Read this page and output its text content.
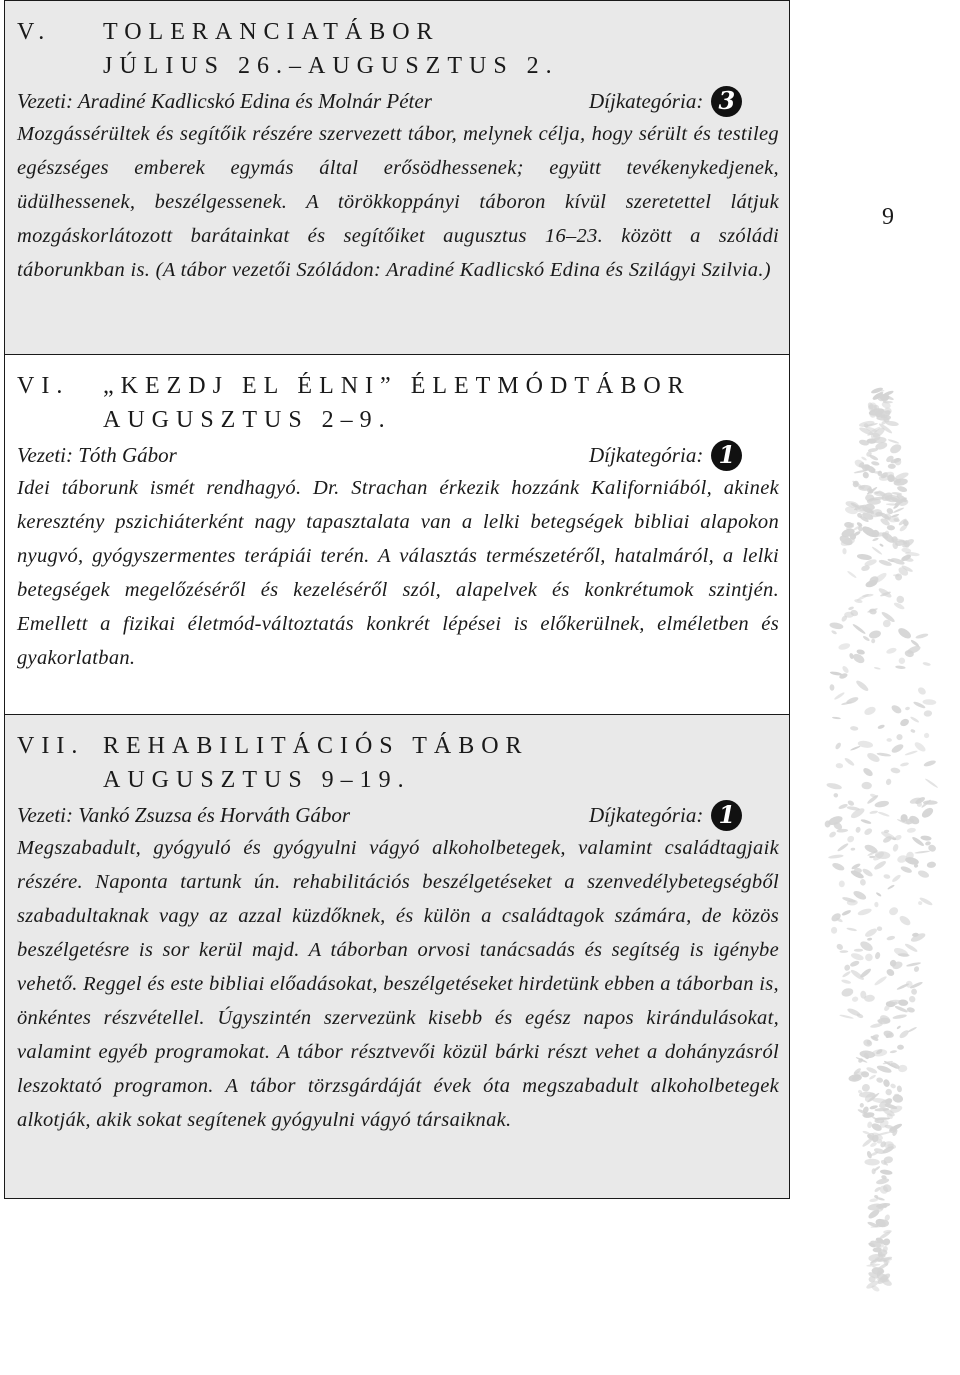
V.	TOLERANCIATÁBOR
JÚLIUS 26.–AUGUSZTUS 2.
Vezeti: Aradiné Kadlicskó Edina és Molnár Péter	Díjkategória: 3

Mozgássérültek és segítőik részére szervezett tábor, melynek célja, hogy sérült és testileg egészséges emberek egymás által erősödhessenek; együtt tevékenykedjenek, üdülhessenek, beszélgessenek. A törökkoppányi táboron kívül szeretettel látjuk mozgáskorlátozott barátainkat és segítőiket augusztus 16–23. között a szóládi táborunkban is. (A tábor vezetői Szóládon: Aradiné Kadlicskó Edina és Szilágyi Szilvia.)

VI.	„KEZDJ EL ÉLNI” ÉLETMÓDTÁBOR
AUGUSZTUS 2–9.
Vezeti: Tóth Gábor	Díjkategória: 1

Idei táborunk ismét rendhagyó. Dr. Strachan érkezik hozzánk Kaliforniából, akinek keresztény pszichiáterként nagy tapasztalata van a lelki betegségek bibliai alapokon nyugvó, gyógyszermentes terápiái terén. A választás természetéről, hatalmáról, a lelki betegségek megelőzéséről és kezeléséről szól, alapelvek és konkrétumok szintjén. Emellett a fizikai életmód-változtatás konkrét lépései is előkerülnek, elméletben és gyakorlatban.

VII. REHABILITÁCIÓS TÁBOR
AUGUSZTUS 9–19.
Vezeti: Vankó Zsuzsa és Horváth Gábor	Díjkategória: 1

Megszabadult, gyógyuló és gyógyulni vágyó alkoholbetegek, valamint családtagjaik részére. Naponta tartunk ún. rehabilitációs beszélgetéseket a szenvedélybetegségből szabadultaknak vagy az azzal küzdőknek, és külön a családtagok számára, de közös beszélgetésre is sor kerül majd. A táborban orvosi tanácsadás és segítség is igénybe vehető. Reggel és este bibliai előadásokat, beszélgetéseket hirdetünk ebben a táborban is, önkéntes részvétellel. Úgyszintén szervezünk kisebb és egész napos kirándulásokat, valamint egyéb programokat. A tábor résztvevői közül bárki részt vehet a dohányzásról leszoktató programon. A tábor törzsgárdáját évek óta megszabadult alkoholbetegek alkotják, akik sokat segítenek gyógyulni vágyó társaiknak.

9
